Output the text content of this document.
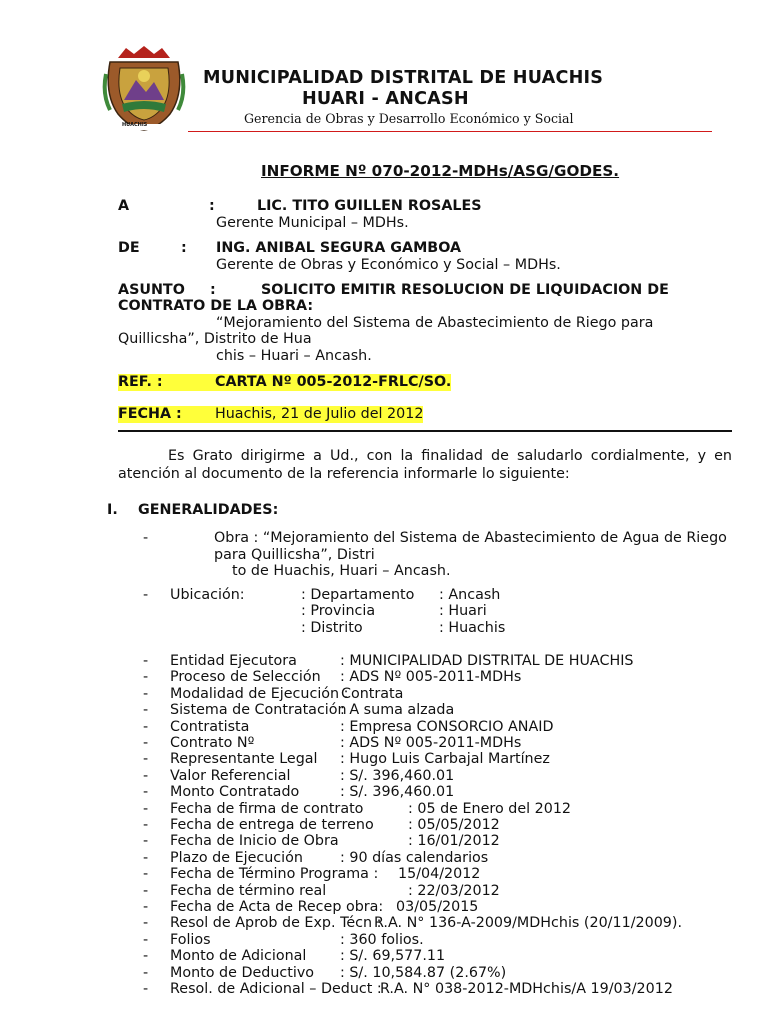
HUACHIS
MUNICIPALIDAD DISTRITAL DE HUACHIS
HUARI - ANCASH
Gerencia de Obras y Desarrollo Económico y Social
INFORME Nº 070-2012-MDHs/ASG/GODES.
A	:	LIC. TITO GUILLEN ROSALES
Gerente Municipal – MDHs.
DE	: ING. ANIBAL SEGURA GAMBOA
Gerente de Obras y Económico y Social – MDHs.
ASUNTO :	SOLICITO EMITIR RESOLUCION DE LIQUIDACION DE
CONTRATO DE LA OBRA:
“Mejoramiento del Sistema de Abastecimiento de Riego para
Quillicsha”, Distrito de Hua
chis – Huari – Ancash.
REF. :	CARTA Nº 005-2012-FRLC/SO.
FECHA :	Huachis, 21 de Julio del 2012
Es Grato dirigirme a Ud., con la finalidad de saludarlo cordialmente, y en atención al documento de la referencia informarle lo siguiente:
I. GENERALIDADES:
-	Obra : “Mejoramiento del Sistema de Abastecimiento de Agua de Riego
para Quillicsha”, Distri
to de Huachis, Huari – Ancash.
- Ubicación:	: Departamento : Ancash
: Provincia	: Huari
: Distrito	: Huachis
- Entidad Ejecutora	: MUNICIPALIDAD DISTRITAL DE HUACHIS
- Proceso de Selección : ADS Nº 005-2011-MDHs
- Modalidad de Ejecución :
Contrata
- Sistema de Contratación
: A suma alzada
- Contratista	: Empresa CONSORCIO ANAID
- Contrato Nº	: ADS Nº 005-2011-MDHs
- Representante Legal : Hugo Luis Carbajal Martínez
- Valor Referencial	: S/. 396,460.01
- Monto Contratado	: S/. 396,460.01
- Fecha de firma de contrato	: 05 de Enero del 2012
- Fecha de entrega de terreno : 05/05/2012
- Fecha de Inicio de Obra	: 16/01/2012
- Plazo de Ejecución	: 90 días calendarios
- Fecha de Término Programa : 15/04/2012
- Fecha de término real	: 22/03/2012
- Fecha de Acta de Recep obra: 03/05/2015
- Resol de Aprob de Exp. Técn :
R.A. N° 136-A-2009/MDHchis (20/11/2009).
- Folios	: 360 folios.
- Monto de Adicional : S/. 69,577.11
- Monto de Deductivo : S/. 10,584.87 (2.67%)
- Resol. de Adicional – Deduct :
R.A. N° 038-2012-MDHchis/A 19/03/2012
